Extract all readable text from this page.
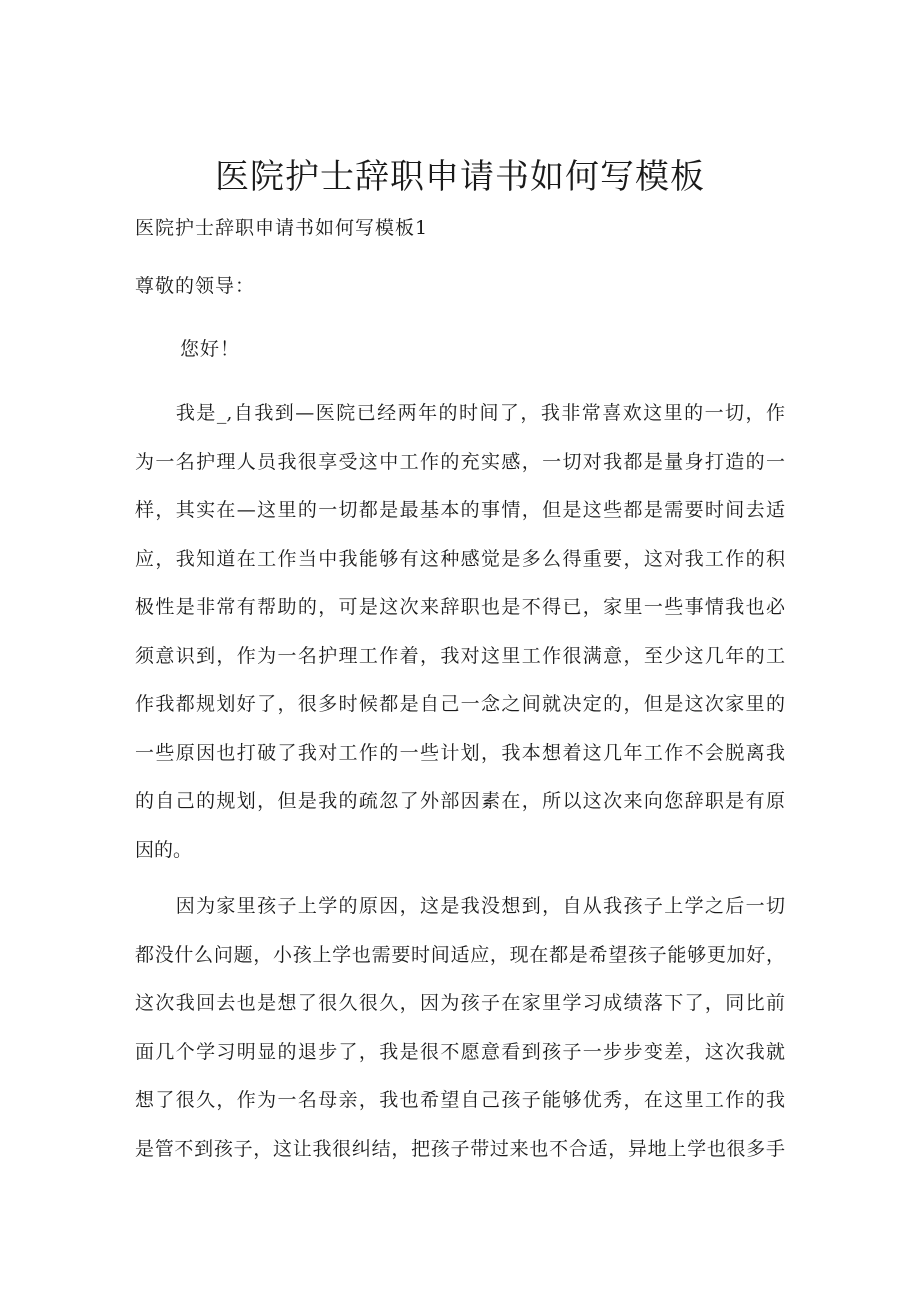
医院护士辞职申请书如何写模板

医院护士辞职申请书如何写模板1

尊敬的领导：

您好！

　　我是_,自我到—医院已经两年的时间了，我非常喜欢这里的一切，作
为一名护理人员我很享受这中工作的充实感，一切对我都是量身打造的一
样，其实在—这里的一切都是最基本的事情，但是这些都是需要时间去适
应，我知道在工作当中我能够有这种感觉是多么得重要，这对我工作的积
极性是非常有帮助的，可是这次来辞职也是不得已，家里一些事情我也必
须意识到，作为一名护理工作着，我对这里工作很满意，至少这几年的工
作我都规划好了，很多时候都是自己一念之间就决定的，但是这次家里的
一些原因也打破了我对工作的一些计划，我本想着这几年工作不会脱离我
的自己的规划，但是我的疏忽了外部因素在，所以这次来向您辞职是有原
因的。
　　因为家里孩子上学的原因，这是我没想到，自从我孩子上学之后一切
都没什么问题，小孩上学也需要时间适应，现在都是希望孩子能够更加好，
这次我回去也是想了很久很久，因为孩子在家里学习成绩落下了，同比前
面几个学习明显的退步了，我是很不愿意看到孩子一步步变差，这次我就
想了很久，作为一名母亲，我也希望自己孩子能够优秀，在这里工作的我
是管不到孩子，这让我很纠结，把孩子带过来也不合适，异地上学也很多手
